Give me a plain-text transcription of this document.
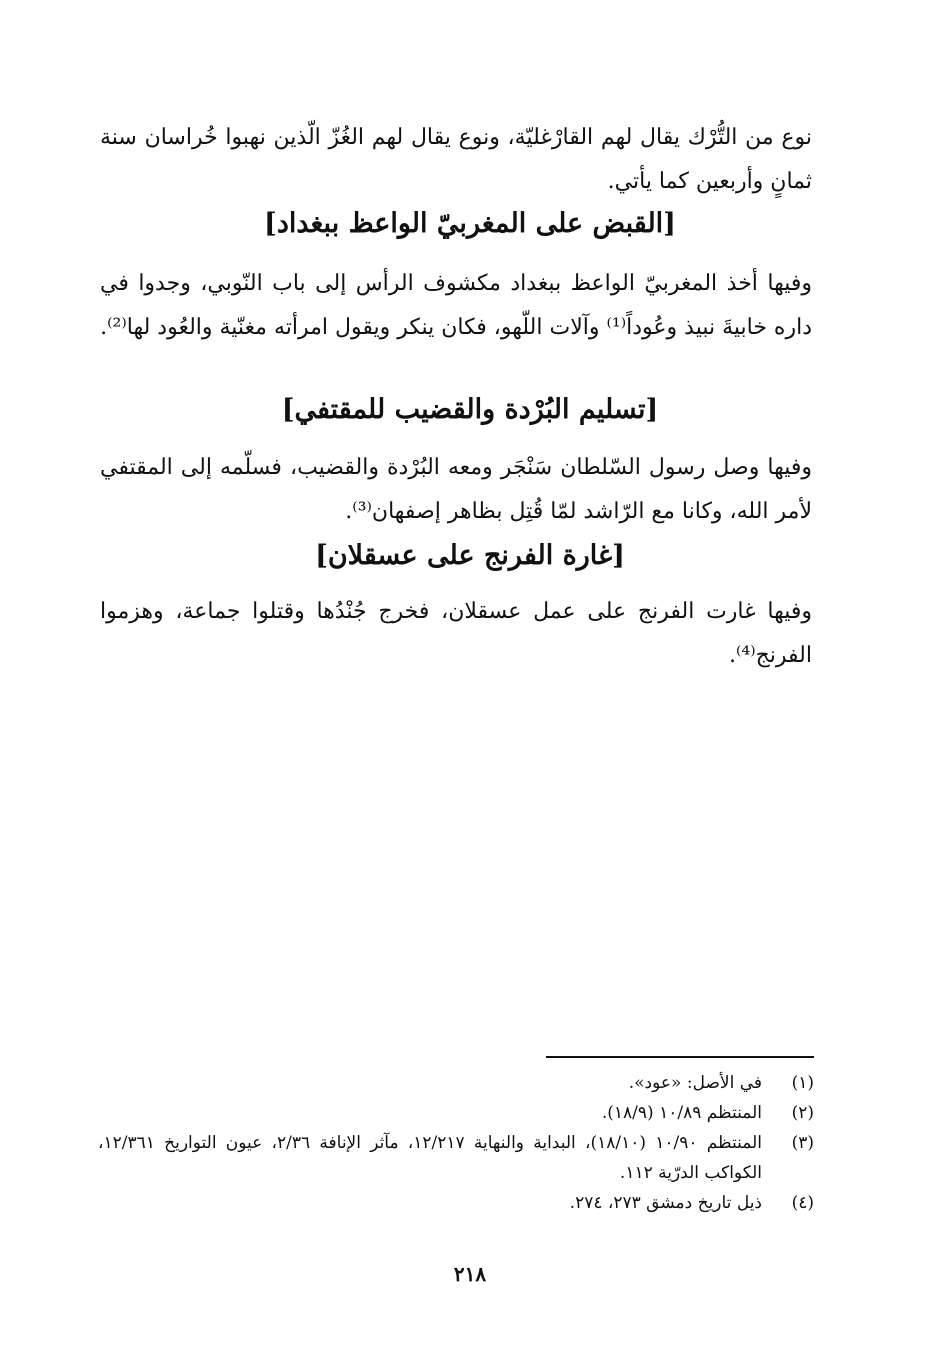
نوع من التُّرْك يقال لهم القارْغليّة، ونوع يقال لهم الغُزّ الّذين نهبوا خُراسان سنة ثمانٍ وأربعين كما يأتي.

[القبض على المغربيّ الواعظ ببغداد]

وفيها أخذ المغربيّ الواعظ ببغداد مكشوف الرأس إلى باب النّوبي، وجدوا في داره خابيةَ نبيذ وعُوداً⁽¹⁾ وآلات اللّهو، فكان ينكر ويقول امرأته مغنّية والعُود لها⁽²⁾.

[تسليم البُرْدة والقضيب للمقتفي]

وفيها وصل رسول السّلطان سَنْجَر ومعه البُرْدة والقضيب، فسلّمه إلى المقتفي لأمر الله، وكانا مع الرّاشد لمّا قُتِل بظاهر إصفهان⁽³⁾.

[غارة الفرنج على عسقلان]

وفيها غارت الفرنج على عمل عسقلان، فخرج جُنْدُها وقتلوا جماعة، وهزموا الفرنج⁽⁴⁾.

(١)
في الأصل: «عود».
(٢)
المنتظم ١٠/٨٩ (١٨/٩).
(٣)
المنتظم ١٠/٩٠ (١٨/١٠)، البداية والنهاية ١٢/٢١٧، مآثر الإنافة ٢/٣٦، عيون التواريخ ١٢/٣٦١، الكواكب الدرّية ١١٢.
(٤)
ذيل تاريخ دمشق ٢٧٣، ٢٧٤.
٢١٨
